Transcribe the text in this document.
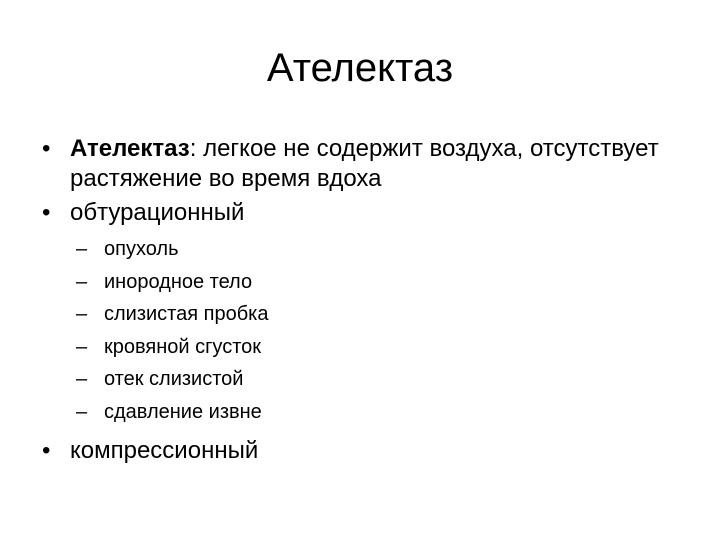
Ателектаз
• Ателектаз: легкое не содержит воздуха, отсутствует растяжение во время вдоха
• обтурационный
– опухоль
– инородное тело
– слизистая пробка
– кровяной сгусток
– отек слизистой
– сдавление извне
• компрессионный
